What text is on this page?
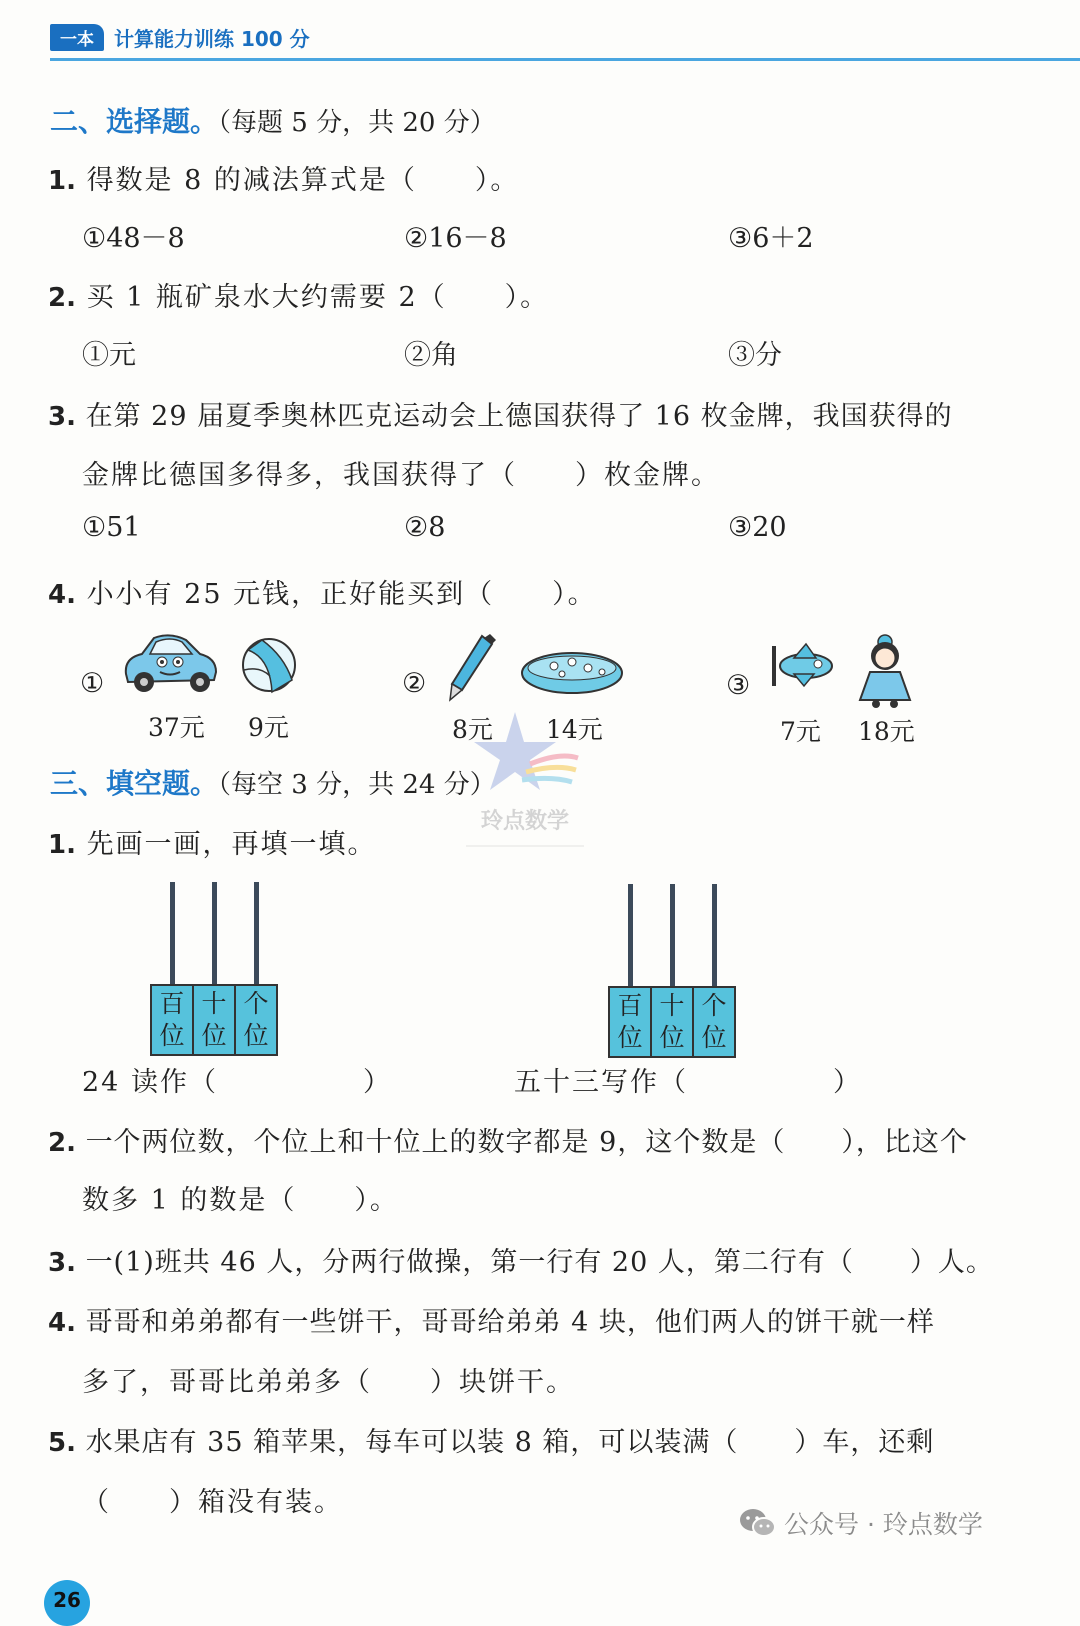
一本	计算能力训练 100 分
二、选择题。（每题 5 分，共 20 分）
1. 得数是 8 的减法算式是（　　）。
①48－8	②16－8	③6＋2
2. 买 1 瓶矿泉水大约需要 2（　　）。
①元	②角	③分
3. 在第 29 届夏季奥林匹克运动会上德国获得了 16 枚金牌，我国获得的
金牌比德国多得多，我国获得了（　　）枚金牌。
①51	②8	③20
4. 小小有 25 元钱，正好能买到（　　）。
①	②	③
37元 9元	8元 14元	7元 18元
玲点数学
三、填空题。（每空 3 分，共 24 分）
1. 先画一画，再填一填。
百
位
十
位
个
位
百
位
十
位
个
位
24 读作（　　　　　）	五十三写作（　　　　　）
2. 一个两位数，个位上和十位上的数字都是 9，这个数是（　　），比这个
数多 1 的数是（　　）。
3. 一(1)班共 46 人，分两行做操，第一行有 20 人，第二行有（　　）人。
4. 哥哥和弟弟都有一些饼干，哥哥给弟弟 4 块，他们两人的饼干就一样
多了，哥哥比弟弟多（　　）块饼干。
5. 水果店有 35 箱苹果，每车可以装 8 箱，可以装满（　　）车，还剩
（　　）箱没有装。
公众号 · 玲点数学
26
